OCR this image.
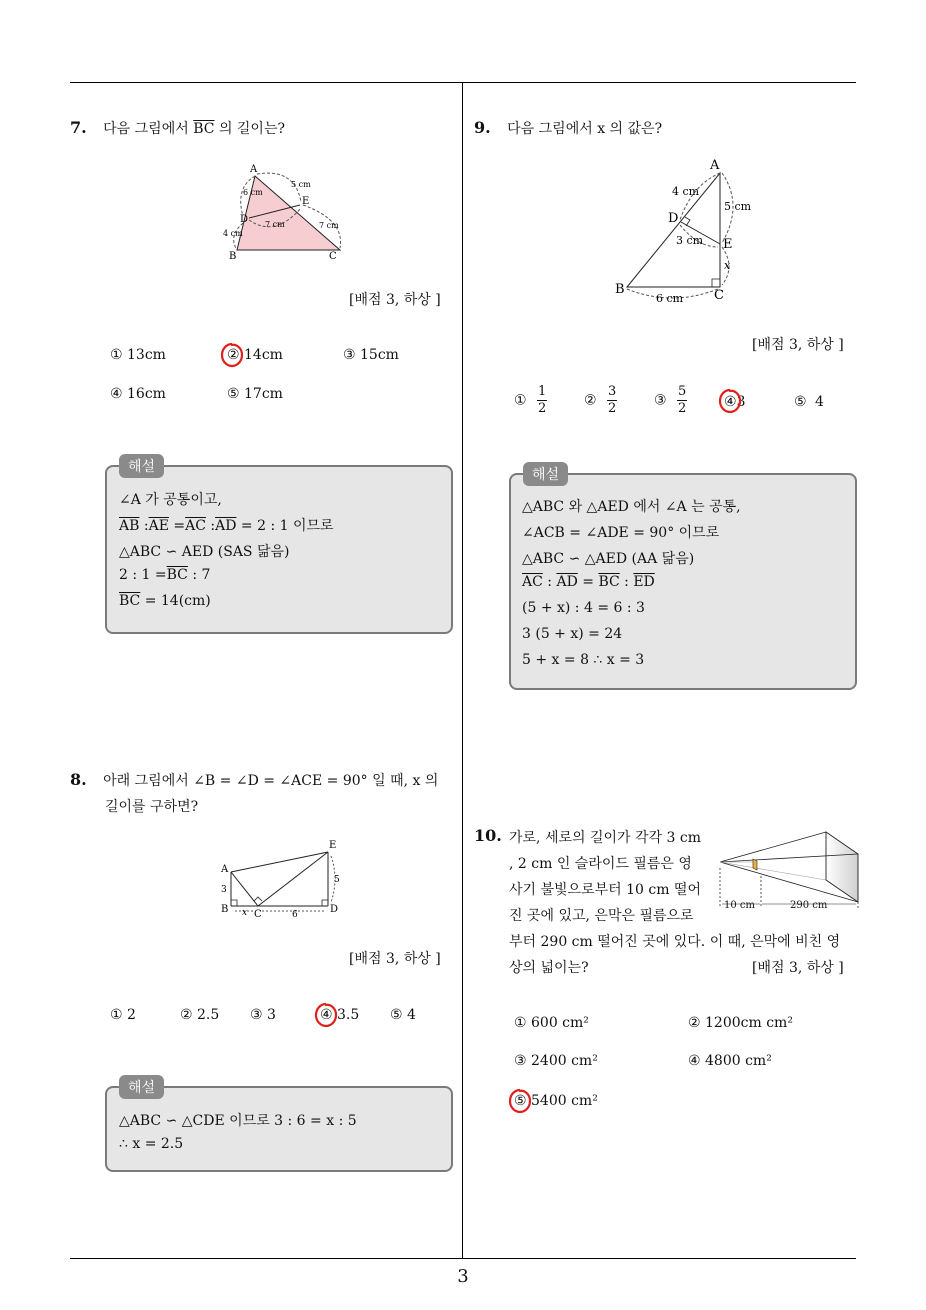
3
7. 다음 그림에서 $\overline{BC}$ 의 길이는?
A
B	C
D
E
6 cm
5 cm
7 cm
4 cm
7 cm
[배점 3, 하상 ]
① 13cm	② 14cm	③ 15cm
④ 16cm	⑤ 17cm
해설
∠A 가 공통이고,
$\overline{AB}$ $:\overline{AE} =\overline{AC}$ $:\overline{AD} = 2$ : 1 이므로
△ABC ∽ AED (SAS 닮음)
2 : $1 =\overline{BC}$ : 7
$\overline{BC} = 14(cm)$
8. 아래 그림에서 ∠B = ∠D = ∠ACE = 90° 일 때, x 의
길이를 구하면?
A
B	C	D
E
3
x	6
5
[배점 3, 하상 ]
① 2	② 2.5 ③ 3	④ 3.5 ⑤ 4
해설
△ABC ∽ △CDE 이므로 3 : 6 = x : 5
∴ x = 2.5
9. 다음 그림에서 x 의 값은?
A
B	C
D
E
4 cm
5 cm
3 cm
x
6 cm
[배점 3, 하상 ]
① $\frac{1}{2}$	② $\frac{3}{2}$	③ $\frac{5}{2}$	④3	⑤ 4
해설
△ABC 와 △AED 에서 ∠A 는 공통,
∠ACB = ∠ADE = 90° 이므로
△ABC ∽ △AED (AA 닮음)
$\overline{AC}$ : $\overline{AD} = \overline{BC}$ : $\overline{ED}$
(5 + x) : 4 = 6 : 3
3 (5 + x) = 24
5 + x = 8 ∴ x = 3
10. 가로, 세로의 길이가 각각 3 cm
, 2 cm 인 슬라이드 필름은 영
사기 불빛으로부터 10 cm 떨어
진 곳에 있고, 은막은 필름으로
부터 290 cm 떨어진 곳에 있다. 이 때, 은막에 비친 영
상의 넓이는?	[배점 3, 하상 ]
10 cm	290 cm
① 600 cm²	② 1200cm cm²
③ 2400 cm²	④ 4800 cm²
⑤ 5400 cm²
